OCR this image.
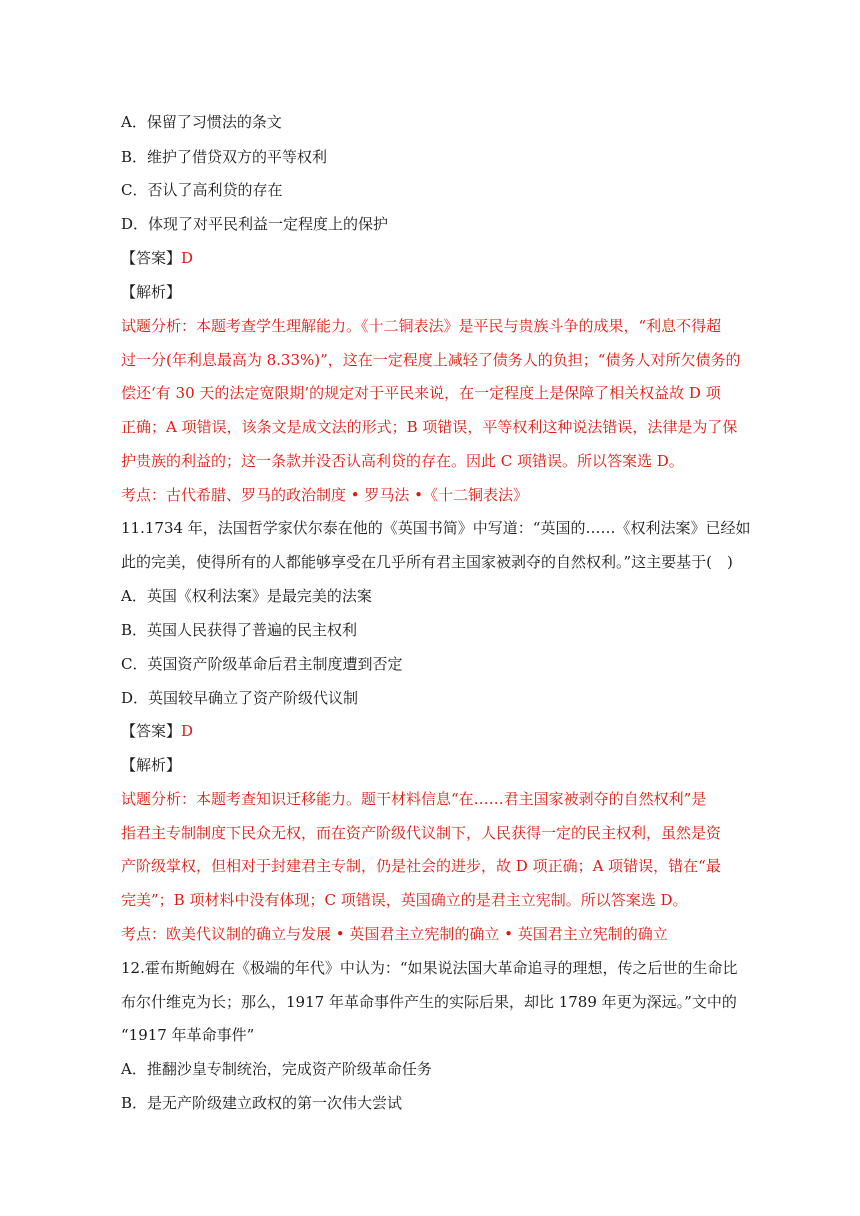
A．保留了习惯法的条文

B．维护了借贷双方的平等权利

C．否认了高利贷的存在

D．体现了对平民利益一定程度上的保护

【答案】D

【解析】

试题分析：本题考查学生理解能力。《十二铜表法》是平民与贵族斗争的成果，“利息不得超

过一分(年利息最高为 8.33%)”，这在一定程度上减轻了债务人的负担；“债务人对所欠债务的

偿还‘有 30 天的法定宽限期’的规定对于平民来说，在一定程度上是保障了相关权益故 D 项

正确；A 项错误，该条文是成文法的形式；B 项错误，平等权利这种说法错误，法律是为了保

护贵族的利益的；这一条款并没否认高利贷的存在。因此 C 项错误。所以答案选 D。

考点：古代希腊、罗马的政治制度 • 罗马法 •《十二铜表法》

11.1734 年，法国哲学家伏尔泰在他的《英国书简》中写道：“英国的……《权利法案》已经如

此的完美，使得所有的人都能够享受在几乎所有君主国家被剥夺的自然权利。”这主要基于(　)

A．英国《权利法案》是最完美的法案

B．英国人民获得了普遍的民主权利

C．英国资产阶级革命后君主制度遭到否定

D．英国较早确立了资产阶级代议制

【答案】D

【解析】

试题分析：本题考查知识迁移能力。题干材料信息“在……君主国家被剥夺的自然权利”是

指君主专制制度下民众无权，而在资产阶级代议制下，人民获得一定的民主权利，虽然是资

产阶级掌权，但相对于封建君主专制，仍是社会的进步，故 D 项正确；A 项错误，错在“最

完美”；B 项材料中没有体现；C 项错误，英国确立的是君主立宪制。所以答案选 D。

考点：欧美代议制的确立与发展 • 英国君主立宪制的确立 • 英国君主立宪制的确立

12.霍布斯鲍姆在《极端的年代》中认为：“如果说法国大革命追寻的理想，传之后世的生命比

布尔什维克为长；那么，1917 年革命事件产生的实际后果，却比 1789 年更为深远。”文中的

“1917 年革命事件”

A．推翻沙皇专制统治，完成资产阶级革命任务

B．是无产阶级建立政权的第一次伟大尝试
